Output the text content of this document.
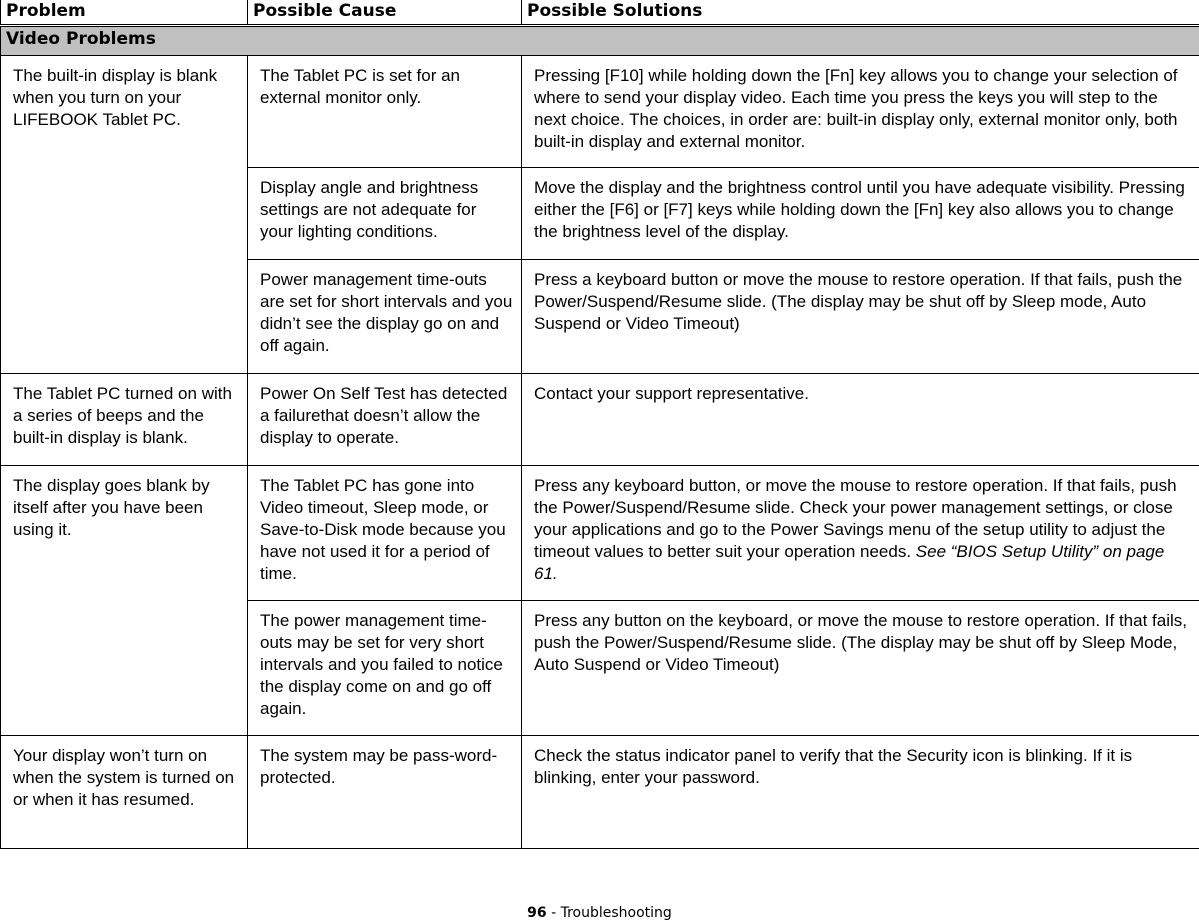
Problem	Possible Cause	Possible Solutions
Video Problems		
The built-in display is blank when you turn on your LIFEBOOK Tablet PC.	The Tablet PC is set for an external monitor only.	Pressing [F10] while holding down the [Fn] key allows you to change your selection of where to send your display video. Each time you press the keys you will step to the next choice. The choices, in order are: built-in display only, external monitor only, both built-in display and external monitor.
	Display angle and brightness settings are not adequate for your lighting conditions.	Move the display and the brightness control until you have adequate visibility. Pressing either the [F6] or [F7] keys while holding down the [Fn] key also allows you to change the brightness level of the display.
	Power management time-outs are set for short intervals and you didn’t see the display go on and off again.	Press a keyboard button or move the mouse to restore operation. If that fails, push the Power/Suspend/Resume slide. (The display may be shut off by Sleep mode, Auto Suspend or Video Timeout)
The Tablet PC turned on with a series of beeps and the built-in display is blank.	Power On Self Test has detected a failurethat doesn’t allow the display to operate.	Contact your support representative.
The display goes blank by itself after you have been using it.	The Tablet PC has gone into Video timeout, Sleep mode, or Save-to-Disk mode because you have not used it for a period of time.	Press any keyboard button, or move the mouse to restore operation. If that fails, push the Power/Suspend/Resume slide. Check your power management settings, or close your applications and go to the Power Savings menu of the setup utility to adjust the timeout values to better suit your operation needs. See “BIOS Setup Utility” on page 61.
	The power management time-outs may be set for very short intervals and you failed to notice the display come on and go off again.	Press any button on the keyboard, or move the mouse to restore operation. If that fails, push the Power/Suspend/Resume slide. (The display may be shut off by Sleep Mode, Auto Suspend or Video Timeout)
Your display won’t turn on when the system is turned on or when it has resumed.	The system may be pass-word-protected.	Check the status indicator panel to verify that the Security icon is blinking. If it is blinking, enter your password.
96 - Troubleshooting
